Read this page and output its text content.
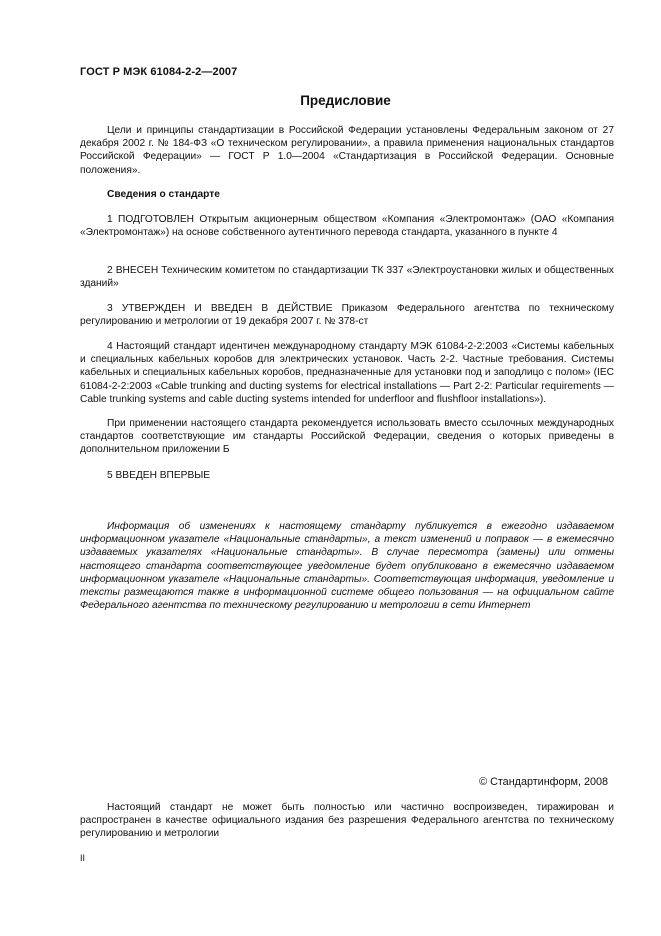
ГОСТ Р МЭК 61084-2-2—2007
Предисловие

Цели и принципы стандартизации в Российской Федерации установлены Федеральным законом от 27 декабря 2002 г. № 184-ФЗ «О техническом регулировании», а правила применения национальных стандартов Российской Федерации» — ГОСТ Р 1.0—2004 «Стандартизация в Российской Федерации. Основные положения».

Сведения о стандарте

1 ПОДГОТОВЛЕН Открытым акционерным обществом «Компания «Электромонтаж» (ОАО «Компания «Электромонтаж») на основе собственного аутентичного перевода стандарта, указанного в пункте 4

2 ВНЕСЕН Техническим комитетом по стандартизации ТК 337 «Электроустановки жилых и общественных зданий»

3 УТВЕРЖДЕН И ВВЕДЕН В ДЕЙСТВИЕ Приказом Федерального агентства по техническому регулированию и метрологии от 19 декабря 2007 г. № 378-ст

4 Настоящий стандарт идентичен международному стандарту МЭК 61084-2-2:2003 «Системы кабельных и специальных кабельных коробов для электрических установок. Часть 2-2. Частные требования. Системы кабельных и специальных кабельных коробов, предназначенные для установки под и заподлицо с полом» (IEC 61084-2-2:2003 «Cable trunking and ducting systems for electrical installations — Part 2-2: Particular requirements — Cable trunking systems and cable ducting systems intended for underfloor and flushfloor installations»).

При применении настоящего стандарта рекомендуется использовать вместо ссылочных международных стандартов соответствующие им стандарты Российской Федерации, сведения о которых приведены в дополнительном приложении Б

5 ВВЕДЕН ВПЕРВЫЕ

Информация об изменениях к настоящему стандарту публикуется в ежегодно издаваемом информационном указателе «Национальные стандарты», а текст изменений и поправок — в ежемесячно издаваемых указателях «Национальные стандарты». В случае пересмотра (замены) или отмены настоящего стандарта соответствующее уведомление будет опубликовано в ежемесячно издаваемом информационном указателе «Национальные стандарты». Соответствующая информация, уведомление и тексты размещаются также в информационной системе общего пользования — на официальном сайте Федерального агентства по техническому регулированию и метрологии в сети Интернет

© Стандартинформ, 2008

Настоящий стандарт не может быть полностью или частично воспроизведен, тиражирован и распространен в качестве официального издания без разрешения Федерального агентства по техническому регулированию и метрологии

II
